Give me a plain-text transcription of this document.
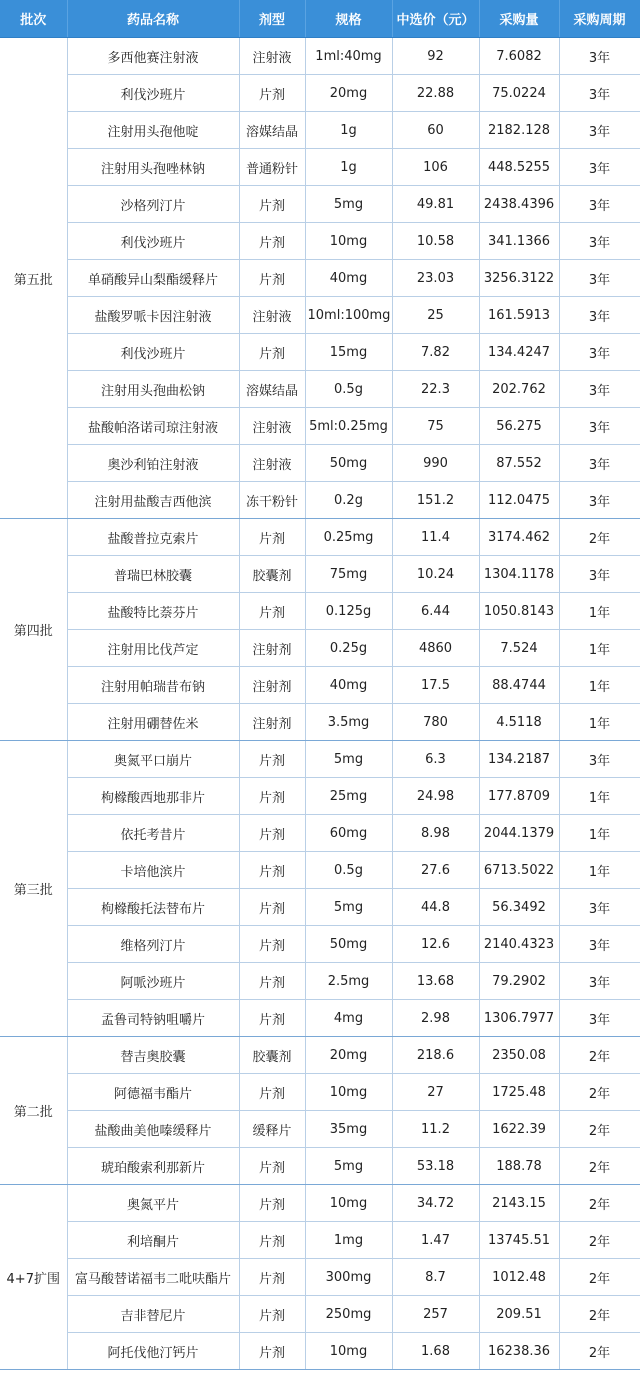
批次	药品名称	剂型	规格	中选价（元）	采购量	采购周期
第五批	多西他赛注射液	注射液	1ml:40mg	92	7.6082	3年
	利伐沙班片	片剂	20mg	22.88	75.0224	3年
	注射用头孢他啶	溶媒结晶	1g	60	2182.128	3年
	注射用头孢唑林钠	普通粉针	1g	106	448.5255	3年
	沙格列汀片	片剂	5mg	49.81	2438.4396	3年
	利伐沙班片	片剂	10mg	10.58	341.1366	3年
	单硝酸异山梨酯缓释片	片剂	40mg	23.03	3256.3122	3年
	盐酸罗哌卡因注射液	注射液	10ml:100mg	25	161.5913	3年
	利伐沙班片	片剂	15mg	7.82	134.4247	3年
	注射用头孢曲松钠	溶媒结晶	0.5g	22.3	202.762	3年
	盐酸帕洛诺司琼注射液	注射液	5ml:0.25mg	75	56.275	3年
	奥沙利铂注射液	注射液	50mg	990	87.552	3年
	注射用盐酸吉西他滨	冻干粉针	0.2g	151.2	112.0475	3年
第四批	盐酸普拉克索片	片剂	0.25mg	11.4	3174.462	2年
	普瑞巴林胶囊	胶囊剂	75mg	10.24	1304.1178	3年
	盐酸特比萘芬片	片剂	0.125g	6.44	1050.8143	1年
	注射用比伐芦定	注射剂	0.25g	4860	7.524	1年
	注射用帕瑞昔布钠	注射剂	40mg	17.5	88.4744	1年
	注射用硼替佐米	注射剂	3.5mg	780	4.5118	1年
第三批	奥氮平口崩片	片剂	5mg	6.3	134.2187	3年
	枸橼酸西地那非片	片剂	25mg	24.98	177.8709	1年
	依托考昔片	片剂	60mg	8.98	2044.1379	1年
	卡培他滨片	片剂	0.5g	27.6	6713.5022	1年
	枸橼酸托法替布片	片剂	5mg	44.8	56.3492	3年
	维格列汀片	片剂	50mg	12.6	2140.4323	3年
	阿哌沙班片	片剂	2.5mg	13.68	79.2902	3年
	孟鲁司特钠咀嚼片	片剂	4mg	2.98	1306.7977	3年
第二批	替吉奥胶囊	胶囊剂	20mg	218.6	2350.08	2年
	阿德福韦酯片	片剂	10mg	27	1725.48	2年
	盐酸曲美他嗪缓释片	缓释片	35mg	11.2	1622.39	2年
	琥珀酸索利那新片	片剂	5mg	53.18	188.78	2年
4+7扩围	奥氮平片	片剂	10mg	34.72	2143.15	2年
	利培酮片	片剂	1mg	1.47	13745.51	2年
	富马酸替诺福韦二吡呋酯片	片剂	300mg	8.7	1012.48	2年
	吉非替尼片	片剂	250mg	257	209.51	2年
	阿托伐他汀钙片	片剂	10mg	1.68	16238.36	2年
